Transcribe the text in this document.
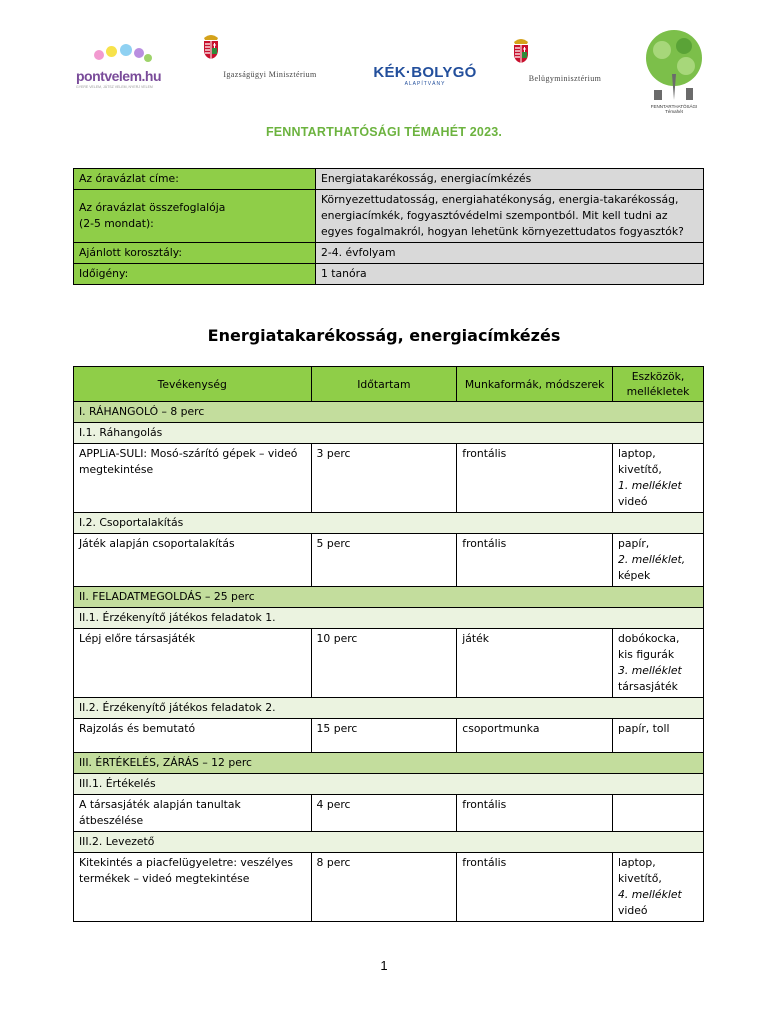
pontvelem.hu
GYERE VELEM, JÁTSZ VELEM, NYERJ VELEM
Igazságügyi Minisztérium	KÉK·BOLYGÓ
ALAPÍTVÁNY
Belügyminisztérium
FENNTARTHATÓSÁGI
Témahét
FENNTARTHATÓSÁGI TÉMAHÉT 2023.
Az óravázlat címe:	Energiatakarékosság, energiacímkézés

Az óravázlat összefoglalója
(2-5 mondat):	Környezettudatosság, energiahatékonyság, energia-takarékosság, energiacímkék, fogyasztóvédelmi szempontból. Mit kell tudni az egyes fogalmakról, hogyan lehetünk környezettudatos fogyasztók?
Ajánlott korosztály:	2-4. évfolyam
Időigény:	1 tanóra
Energiatakarékosság, energiacímkézés
Tevékenység	Időtartam	Munkaformák, módszerek	Eszközök, mellékletek
I. RÁHANGOLÓ – 8 perc			
I.1. Ráhangolás			
APPLiA-SULI: Mosó-szárító gépek – videó megtekintése	3 perc	frontális	laptop,
kivetítő,
1. melléklet
videó

I.2. Csoportalakítás			
Játék alapján csoportalakítás	5 perc	frontális	papír,
2. melléklet,
képek

II. FELADATMEGOLDÁS – 25 perc			
II.1. Érzékenyítő játékos feladatok 1.			
Lépj előre társasjáték	10 perc	játék	dobókocka,
kis figurák
3. melléklet
társasjáték

II.2. Érzékenyítő játékos feladatok 2.			
Rajzolás és bemutató	15 perc	csoportmunka	papír, toll

III. ÉRTÉKELÉS, ZÁRÁS – 12 perc			
III.1. Értékelés			
A társasjáték alapján tanultak átbeszélése	4 perc	frontális	
III.2. Levezető			
Kitekintés a piacfelügyeletre: veszélyes termékek – videó megtekintése	8 perc	frontális	laptop,
kivetítő,
4. melléklet
videó
1
